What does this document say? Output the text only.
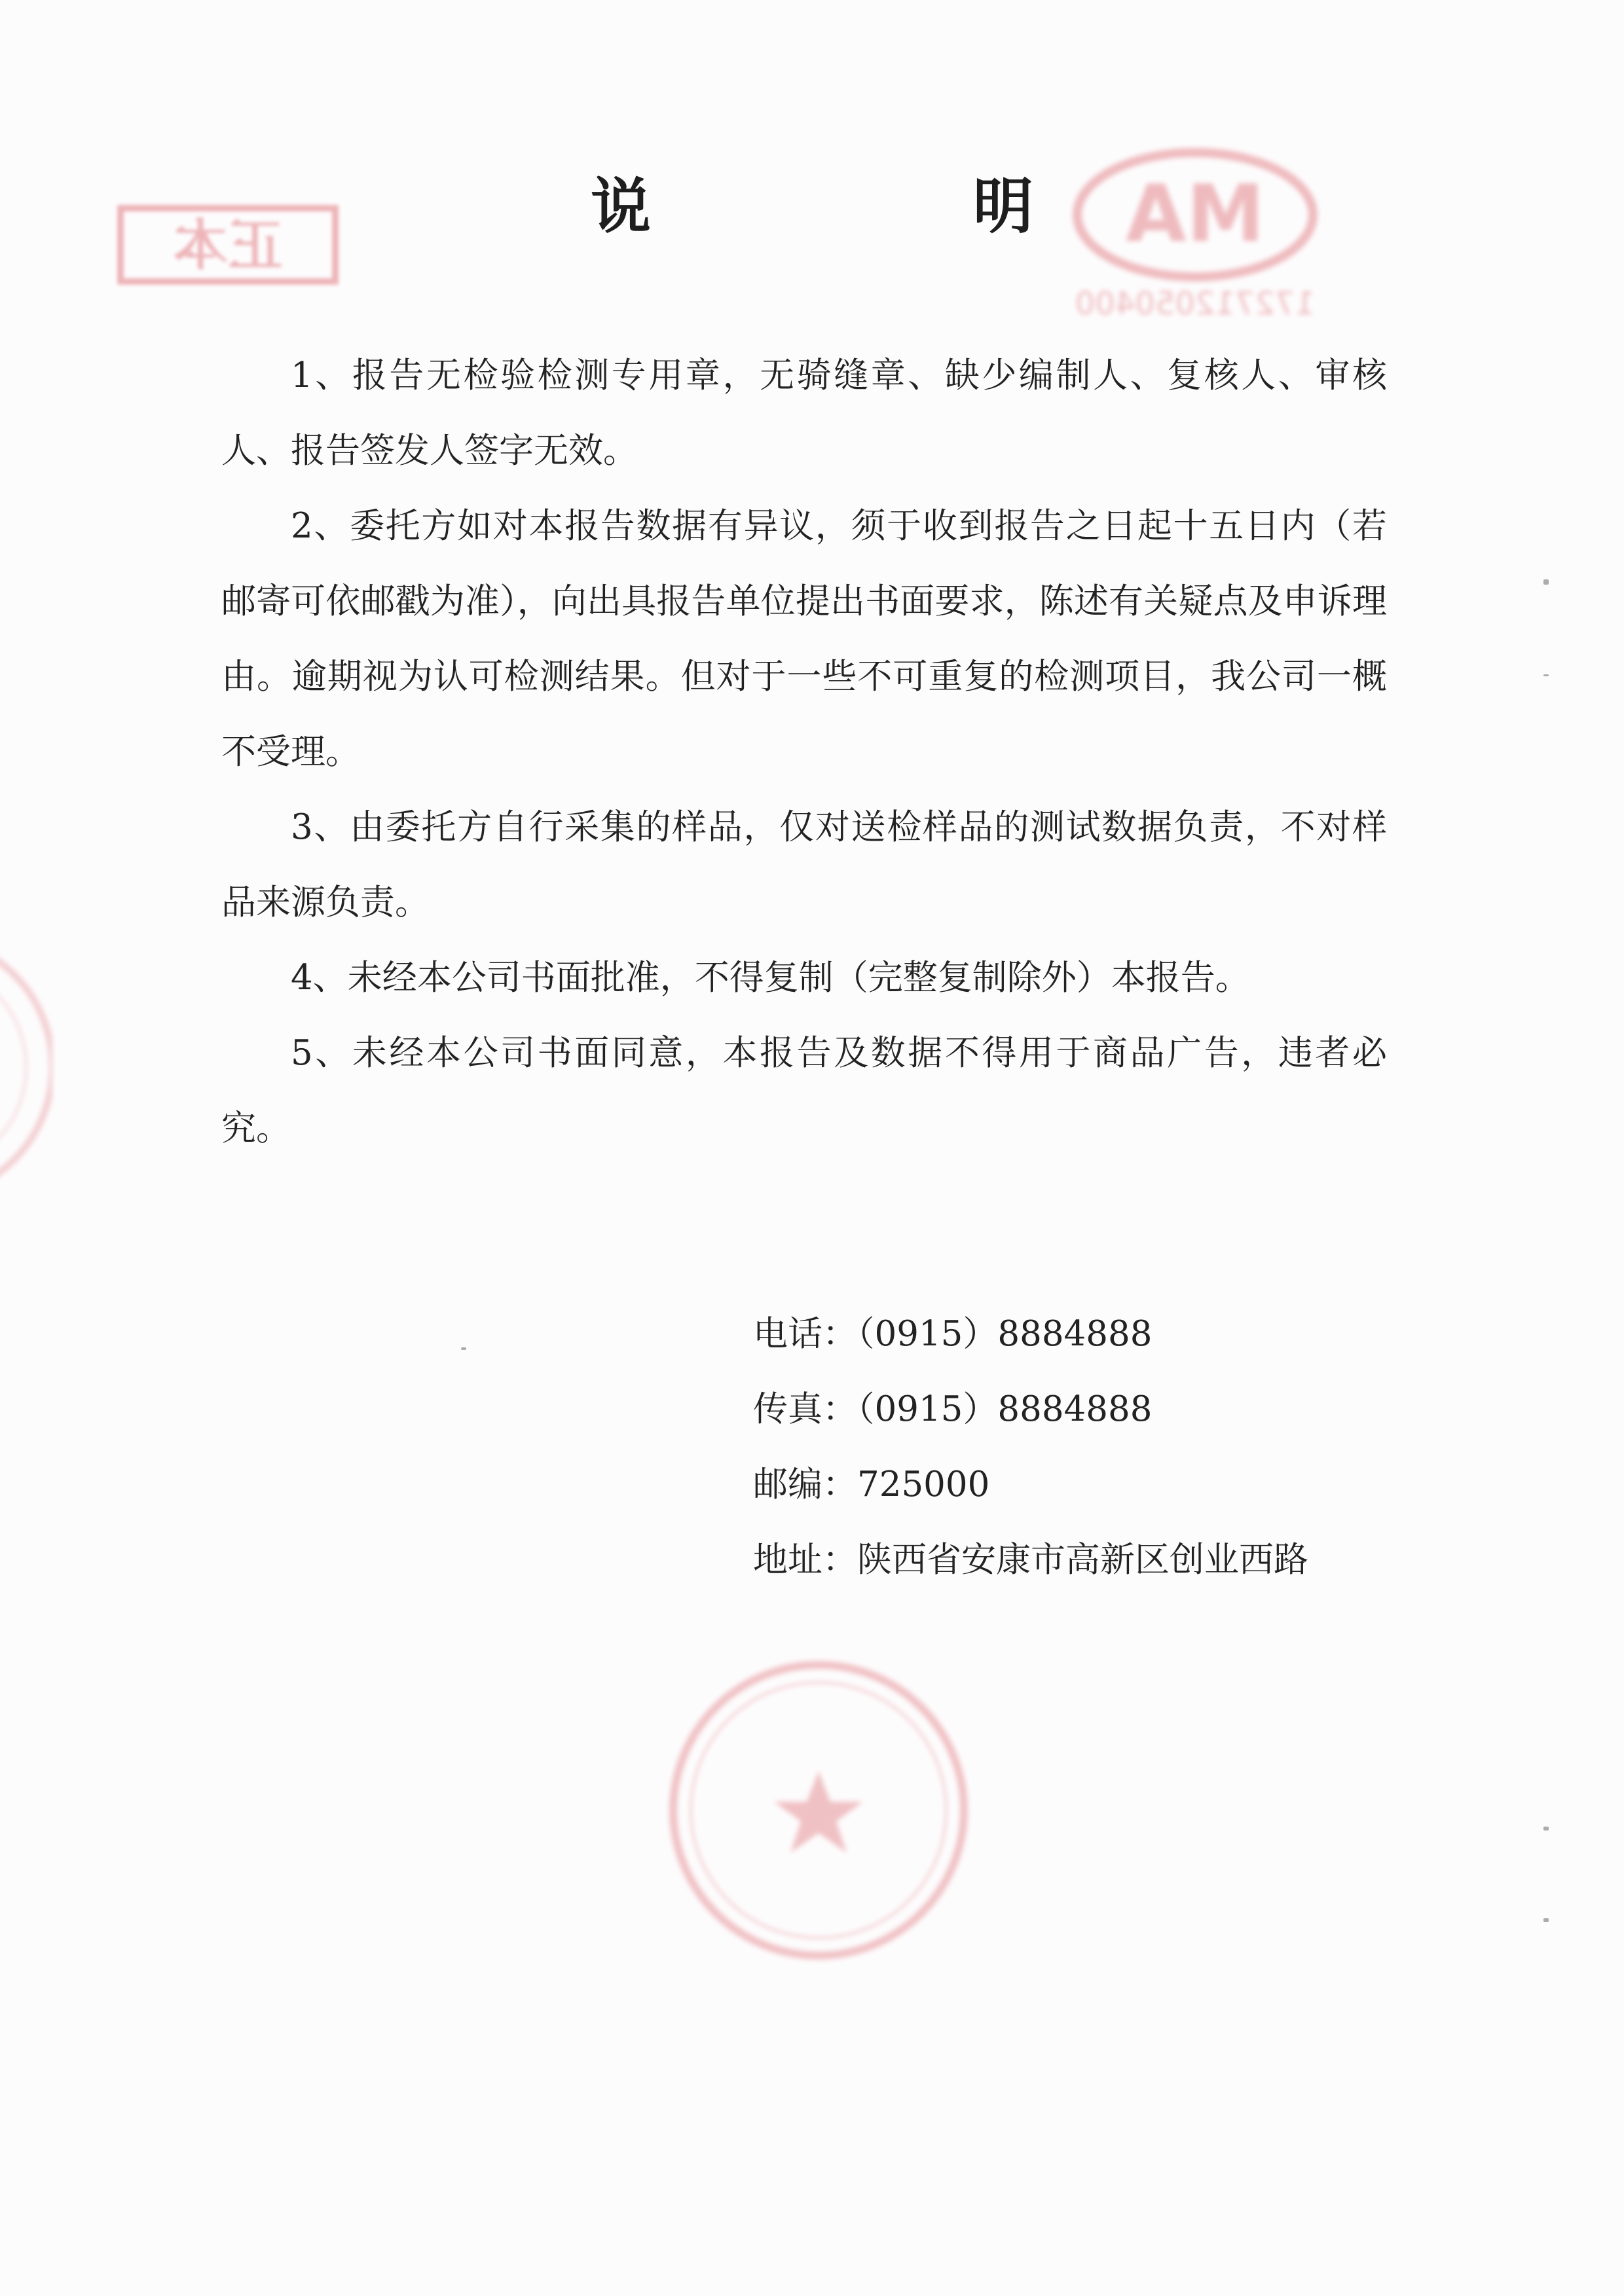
正本	MA
172712050400
说　明

1、报告无检验检测专用章，无骑缝章、缺少编制人、复核人、审核人、报告签发人签字无效。

2、委托方如对本报告数据有异议，须于收到报告之日起十五日内（若邮寄可依邮戳为准），向出具报告单位提出书面要求，陈述有关疑点及申诉理由。逾期视为认可检测结果。但对于一些不可重复的检测项目，我公司一概不受理。

3、由委托方自行采集的样品，仅对送检样品的测试数据负责，不对样品来源负责。

4、未经本公司书面批准，不得复制（完整复制除外）本报告。

5、未经本公司书面同意，本报告及数据不得用于商品广告，违者必究。

电话：（0915）8884888

传真：（0915）8884888

邮编：725000

地址：陕西省安康市高新区创业西路
